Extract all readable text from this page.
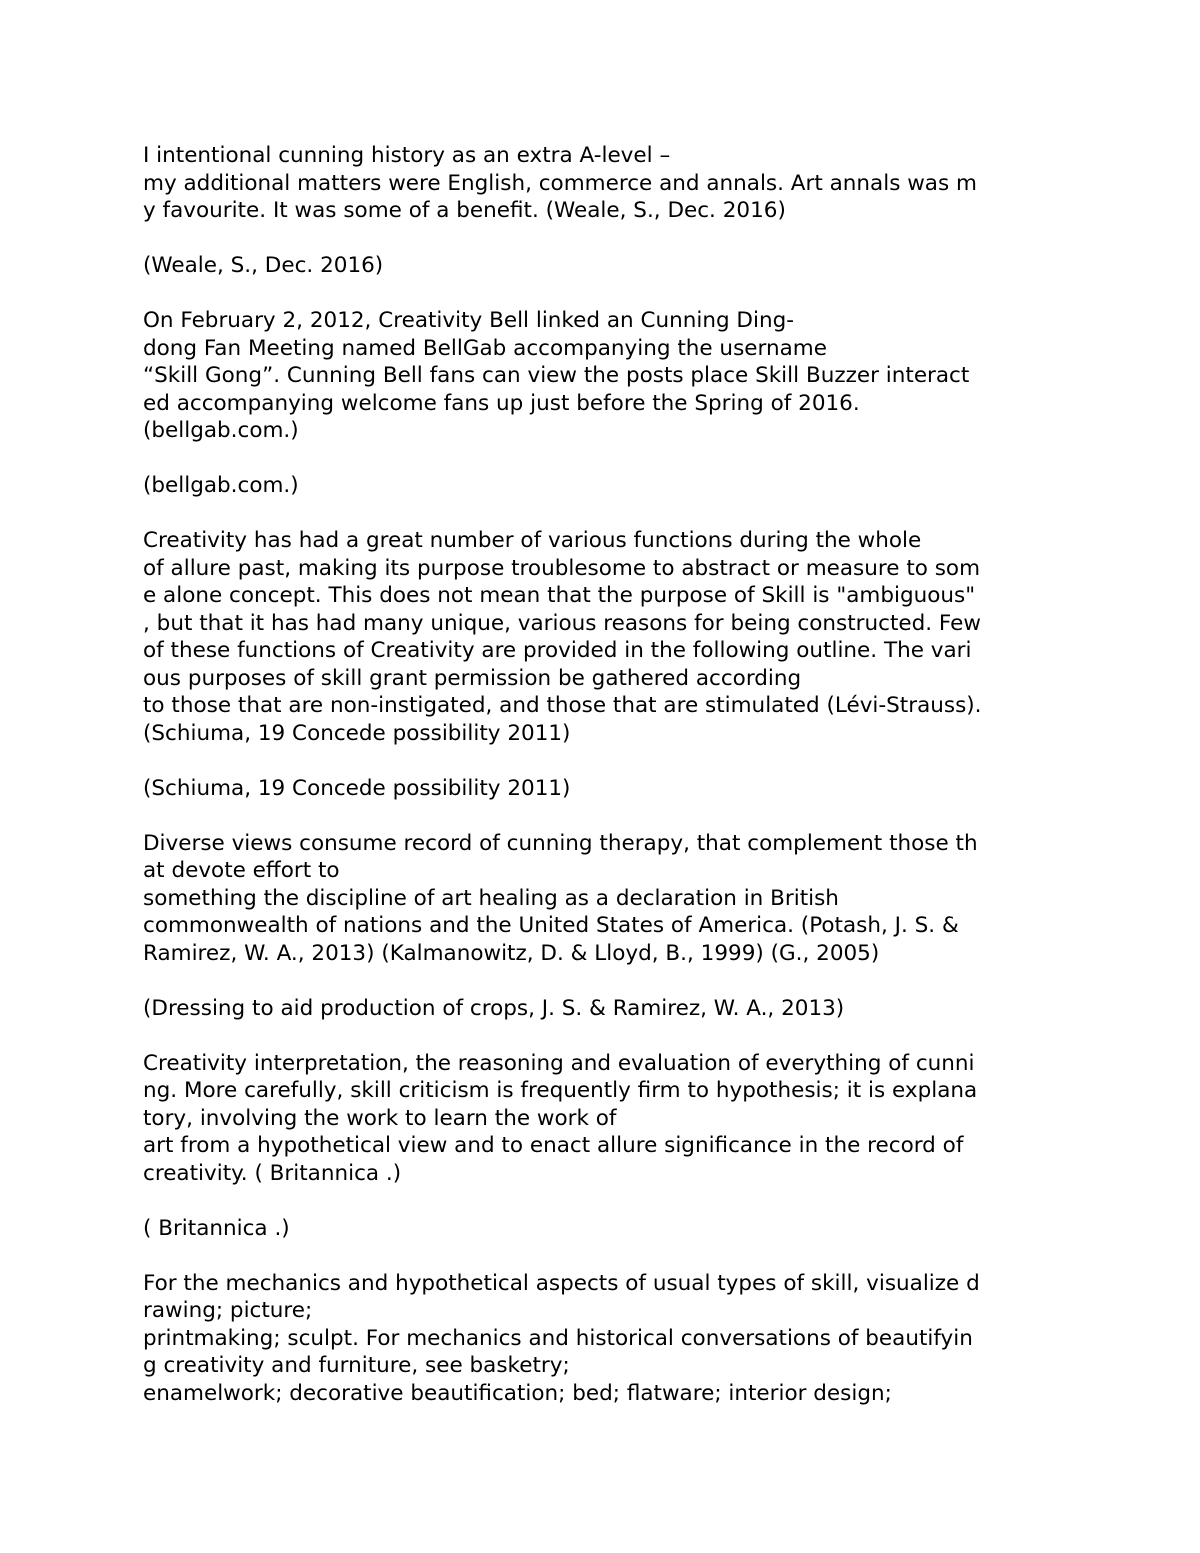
I intentional cunning history as an extra A-level –
my additional matters were English, commerce and annals. Art annals was m
y favourite. It was some of a benefit. (Weale, S., Dec. 2016)

(Weale, S., Dec. 2016)

On February 2, 2012, Creativity Bell linked an Cunning Ding-
dong Fan Meeting named BellGab accompanying the username
“Skill Gong”. Cunning Bell fans can view the posts place Skill Buzzer interact
ed accompanying welcome fans up just before the Spring of 2016.
(bellgab.com.)

(bellgab.com.)

Creativity has had a great number of various functions during the whole
of allure past, making its purpose troublesome to abstract or measure to som
e alone concept. This does not mean that the purpose of Skill is "ambiguous"
, but that it has had many unique, various reasons for being constructed. Few
of these functions of Creativity are provided in the following outline. The vari
ous purposes of skill grant permission be gathered according
to those that are non-instigated, and those that are stimulated (Lévi-Strauss).
(Schiuma, 19 Concede possibility 2011)

(Schiuma, 19 Concede possibility 2011)

Diverse views consume record of cunning therapy, that complement those th
at devote effort to
something the discipline of art healing as a declaration in British
commonwealth of nations and the United States of America. (Potash, J. S. &
Ramirez, W. A., 2013) (Kalmanowitz, D. & Lloyd, B., 1999) (G., 2005)

(Dressing to aid production of crops, J. S. & Ramirez, W. A., 2013)

Creativity interpretation, the reasoning and evaluation of everything of cunni
ng. More carefully, skill criticism is frequently firm to hypothesis; it is explana
tory, involving the work to learn the work of
art from a hypothetical view and to enact allure significance in the record of
creativity. ( Britannica .)

( Britannica .)

For the mechanics and hypothetical aspects of usual types of skill, visualize d
rawing; picture;
printmaking; sculpt. For mechanics and historical conversations of beautifyin
g creativity and furniture, see basketry;
enamelwork; decorative beautification; bed; flatware; interior design;
